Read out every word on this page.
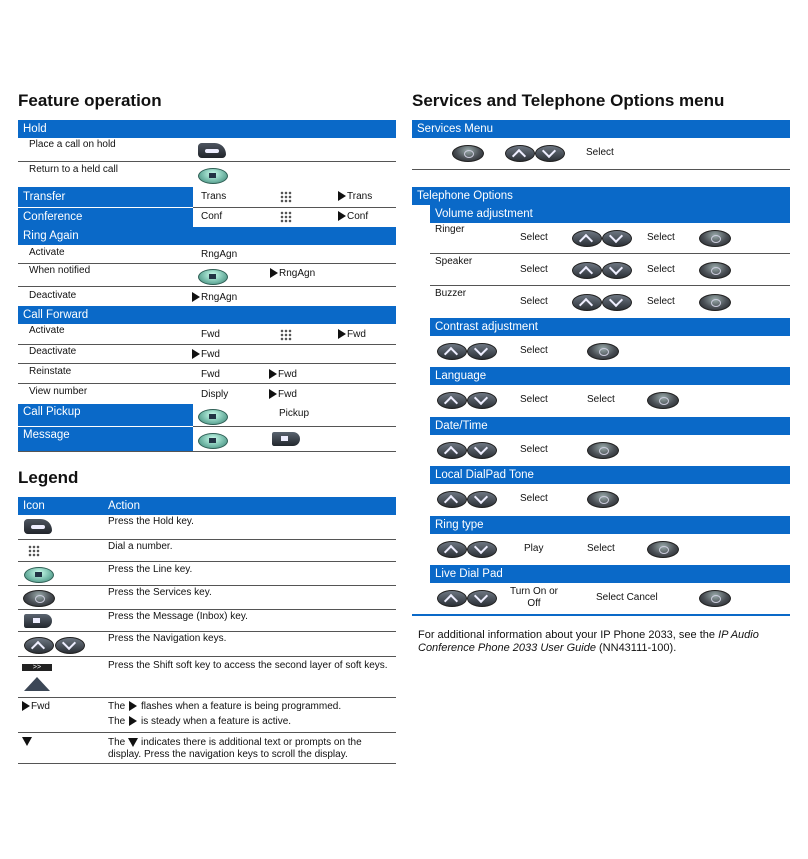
Feature operation
Hold
Place a call on hold
Return to a held call
Transfer	Trans	Trans
Conference	Conf	Conf
Ring Again
Activate	RngAgn
When notified	RngAgn
Deactivate	RngAgn
Call Forward
Activate	Fwd	Fwd
Deactivate	Fwd
Reinstate	Fwd	Fwd
View number	Disply	Fwd
Call Pickup	Pickup
Message
Legend
Icon	Action
Press the Hold key.
Dial a number.
Press the Line key.
Press the Services key.
Press the Message (Inbox) key.
Press the Navigation keys.
>>	Press the Shift soft key to access the second layer of soft keys.
Fwd	The flashes when a feature is being programmed.
The is steady when a feature is active.
The	indicates there is additional text or prompts on the display. Press the navigation keys to scroll the display.
Services and Telephone Options menu
Services Menu
Select
Telephone Options
Volume adjustment
Ringer
Select	Select
Speaker
Select	Select
Buzzer
Select	Select
Contrast adjustment
Select
Language
Select	Select
Date/Time
Select
Local DialPad Tone
Select
Ring type
Play	Select
Live Dial Pad
Turn On or Off
Select Cancel
For additional information about your IP Phone 2033, see the IP Audio Conference Phone 2033 User Guide (NN43111-100).
